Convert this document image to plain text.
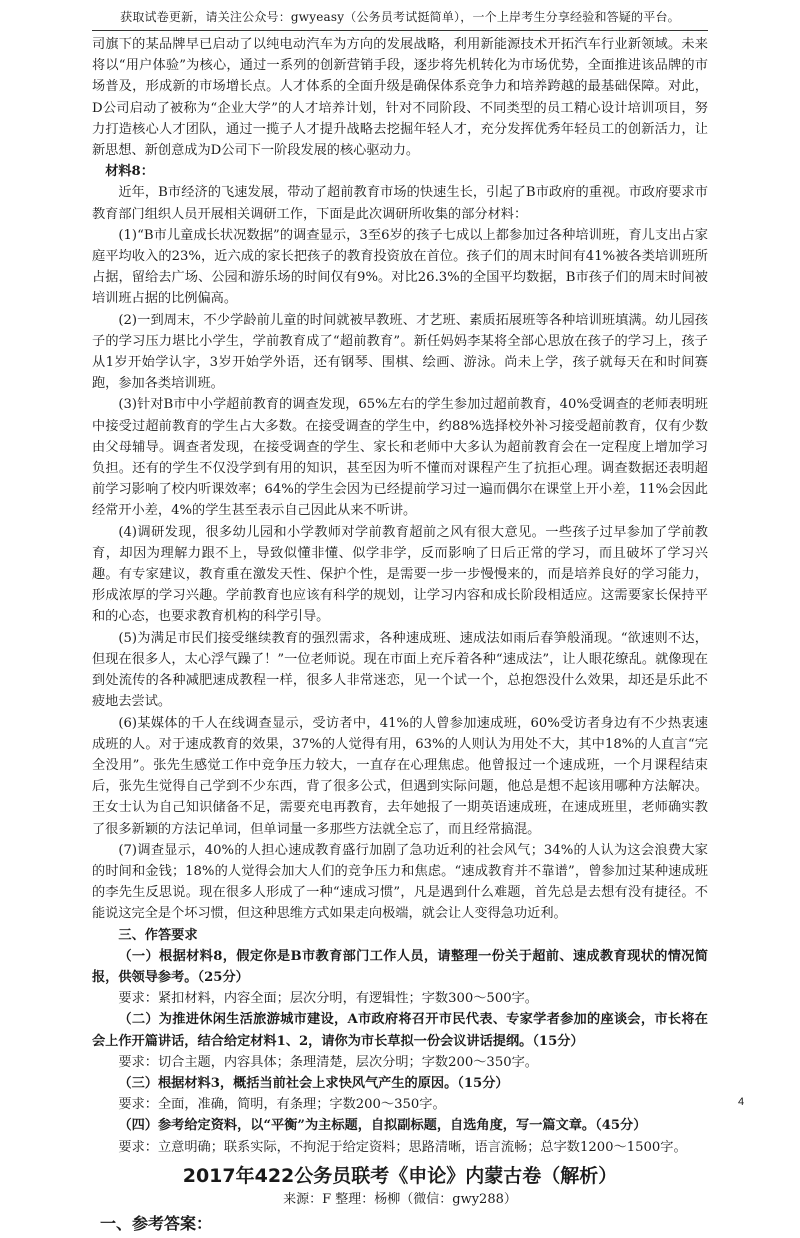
获取试卷更新，请关注公众号：gwyeasy（公务员考试挺简单），一个上岸考生分享经验和答疑的平台。

司旗下的某品牌早已启动了以纯电动汽车为方向的发展战略，利用新能源技术开拓汽车行业新领域。未来将以“用户体验”为核心，通过一系列的创新营销手段，逐步将先机转化为市场优势，全面推进该品牌的市场普及，形成新的市场增长点。人才体系的全面升级是确保体系竞争力和培养跨越的最基础保障。对此，D公司启动了被称为“企业大学”的人才培养计划，针对不同阶段、不同类型的员工精心设计培训项目，努力打造核心人才团队，通过一揽子人才提升战略去挖掘年轻人才，充分发挥优秀年轻员工的创新活力，让新思想、新创意成为D公司下一阶段发展的核心驱动力。

材料8：

近年，B市经济的飞速发展，带动了超前教育市场的快速生长，引起了B市政府的重视。市政府要求市教育部门组织人员开展相关调研工作，下面是此次调研所收集的部分材料：

(1)“B市儿童成长状况数据”的调查显示，3至6岁的孩子七成以上都参加过各种培训班，育儿支出占家庭平均收入的23%，近六成的家长把孩子的教育投资放在首位。孩子们的周末时间有41%被各类培训班所占据，留给去广场、公园和游乐场的时间仅有9%。对比26.3%的全国平均数据，B市孩子们的周末时间被培训班占据的比例偏高。

(2)一到周末，不少学龄前儿童的时间就被早教班、才艺班、素质拓展班等各种培训班填满。幼儿园孩子的学习压力堪比小学生，学前教育成了“超前教育”。新任妈妈李某将全部心思放在孩子的学习上，孩子从1岁开始学认字，3岁开始学外语，还有钢琴、围棋、绘画、游泳。尚未上学，孩子就每天在和时间赛跑，参加各类培训班。

(3)针对B市中小学超前教育的调查发现，65%左右的学生参加过超前教育，40%受调查的老师表明班中接受过超前教育的学生占大多数。在接受调查的学生中，约88%选择校外补习接受超前教育，仅有少数由父母辅导。调查者发现，在接受调查的学生、家长和老师中大多认为超前教育会在一定程度上增加学习负担。还有的学生不仅没学到有用的知识，甚至因为听不懂而对课程产生了抗拒心理。调查数据还表明超前学习影响了校内听课效率；64%的学生会因为已经提前学习过一遍而偶尔在课堂上开小差，11%会因此经常开小差，4%的学生甚至表示自己因此从来不听讲。

(4)调研发现，很多幼儿园和小学教师对学前教育超前之风有很大意见。一些孩子过早参加了学前教育，却因为理解力跟不上，导致似懂非懂、似学非学，反而影响了日后正常的学习，而且破坏了学习兴趣。有专家建议，教育重在激发天性、保护个性，是需要一步一步慢慢来的，而是培养良好的学习能力，形成浓厚的学习兴趣。学前教育也应该有科学的规划，让学习内容和成长阶段相适应。这需要家长保持平和的心态，也要求教育机构的科学引导。

(5)为满足市民们接受继续教育的强烈需求，各种速成班、速成法如雨后春笋般涌现。“欲速则不达，但现在很多人，太心浮气躁了！”一位老师说。现在市面上充斥着各种“速成法”，让人眼花缭乱。就像现在到处流传的各种减肥速成教程一样，很多人非常迷恋，见一个试一个，总抱怨没什么效果，却还是乐此不疲地去尝试。

(6)某媒体的千人在线调查显示，受访者中，41%的人曾参加速成班，60%受访者身边有不少热衷速成班的人。对于速成教育的效果，37%的人觉得有用，63%的人则认为用处不大，其中18%的人直言“完全没用”。张先生感觉工作中竞争压力较大，一直存在心理焦虑。他曾报过一个速成班，一个月课程结束后，张先生觉得自己学到不少东西，背了很多公式，但遇到实际问题，他总是想不起该用哪种方法解决。王女士认为自己知识储备不足，需要充电再教育，去年她报了一期英语速成班，在速成班里，老师确实教了很多新颖的方法记单词，但单词量一多那些方法就全忘了，而且经常搞混。

(7)调查显示，40%的人担心速成教育盛行加剧了急功近利的社会风气；34%的人认为这会浪费大家的时间和金钱；18%的人觉得会加大人们的竞争压力和焦虑。“速成教育并不靠谱”，曾参加过某种速成班的李先生反思说。现在很多人形成了一种“速成习惯”，凡是遇到什么难题，首先总是去想有没有捷径。不能说这完全是个坏习惯，但这种思维方式如果走向极端，就会让人变得急功近利。

三、作答要求

（一）根据材料8，假定你是B市教育部门工作人员，请整理一份关于超前、速成教育现状的情况简报，供领导参考。（25分）

要求：紧扣材料，内容全面；层次分明，有逻辑性；字数300～500字。

（二）为推进休闲生活旅游城市建设，A市政府将召开市民代表、专家学者参加的座谈会，市长将在会上作开篇讲话，结合给定材料1、2，请你为市长草拟一份会议讲话提纲。（15分）

要求：切合主题，内容具体；条理清楚，层次分明；字数200～350字。

（三）根据材料3，概括当前社会上求快风气产生的原因。（15分）

要求：全面，准确，简明，有条理；字数200～350字。

（四）参考给定资料，以“平衡”为主标题，自拟副标题，自选角度，写一篇文章。（45分）

要求：立意明确；联系实际，不拘泥于给定资料；思路清晰，语言流畅；总字数1200～1500字。

2017年422公务员联考《申论》内蒙古卷（解析）
来源：F 整理：杨柳（微信：gwy288）
一、参考答案：
4
